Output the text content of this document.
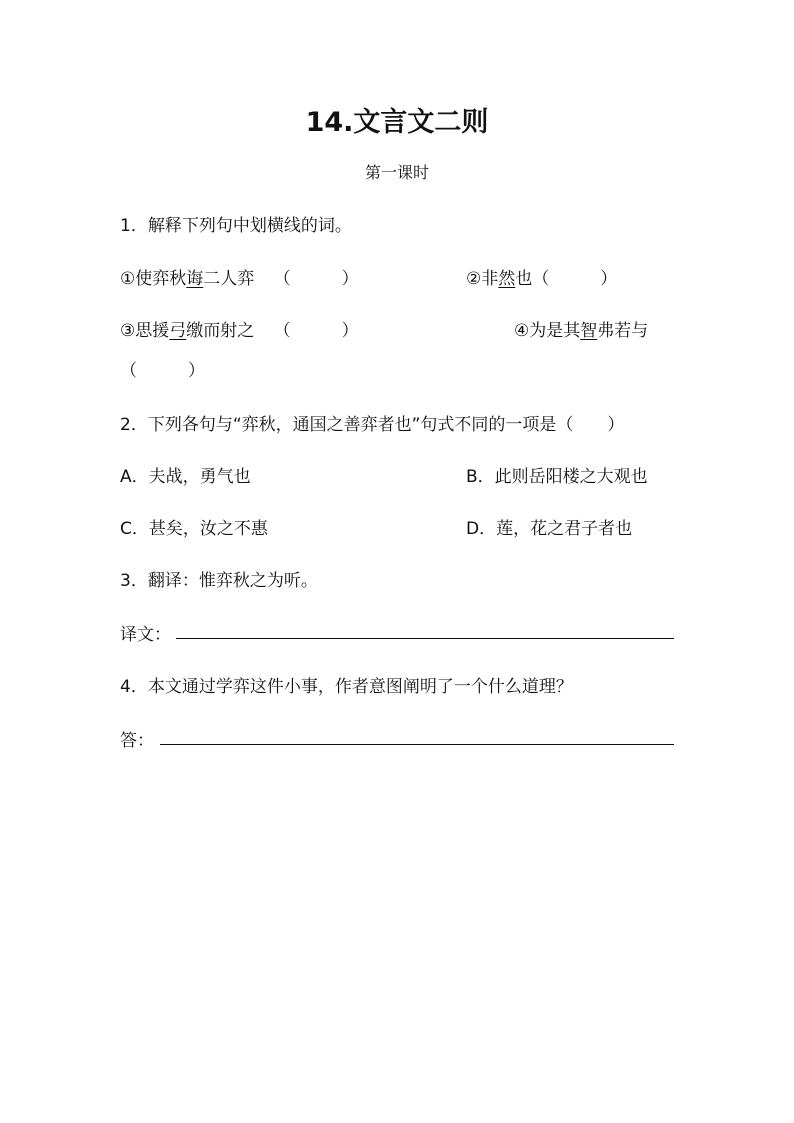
14.文言文二则
第一课时
1．解释下列句中划横线的词。
①使弈秋诲二人弈 （　　　）	②非然也（　　　）
③思援弓缴而射之 （　　　）	④为是其智弗若与
（　　　）
2．下列各句与“弈秋，通国之善弈者也”句式不同的一项是（　　）
A．夫战，勇气也	B．此则岳阳楼之大观也
C．甚矣，汝之不惠	D．莲，花之君子者也
3．翻译：惟弈秋之为听。
译文：
4．本文通过学弈这件小事，作者意图阐明了一个什么道理？
答：
